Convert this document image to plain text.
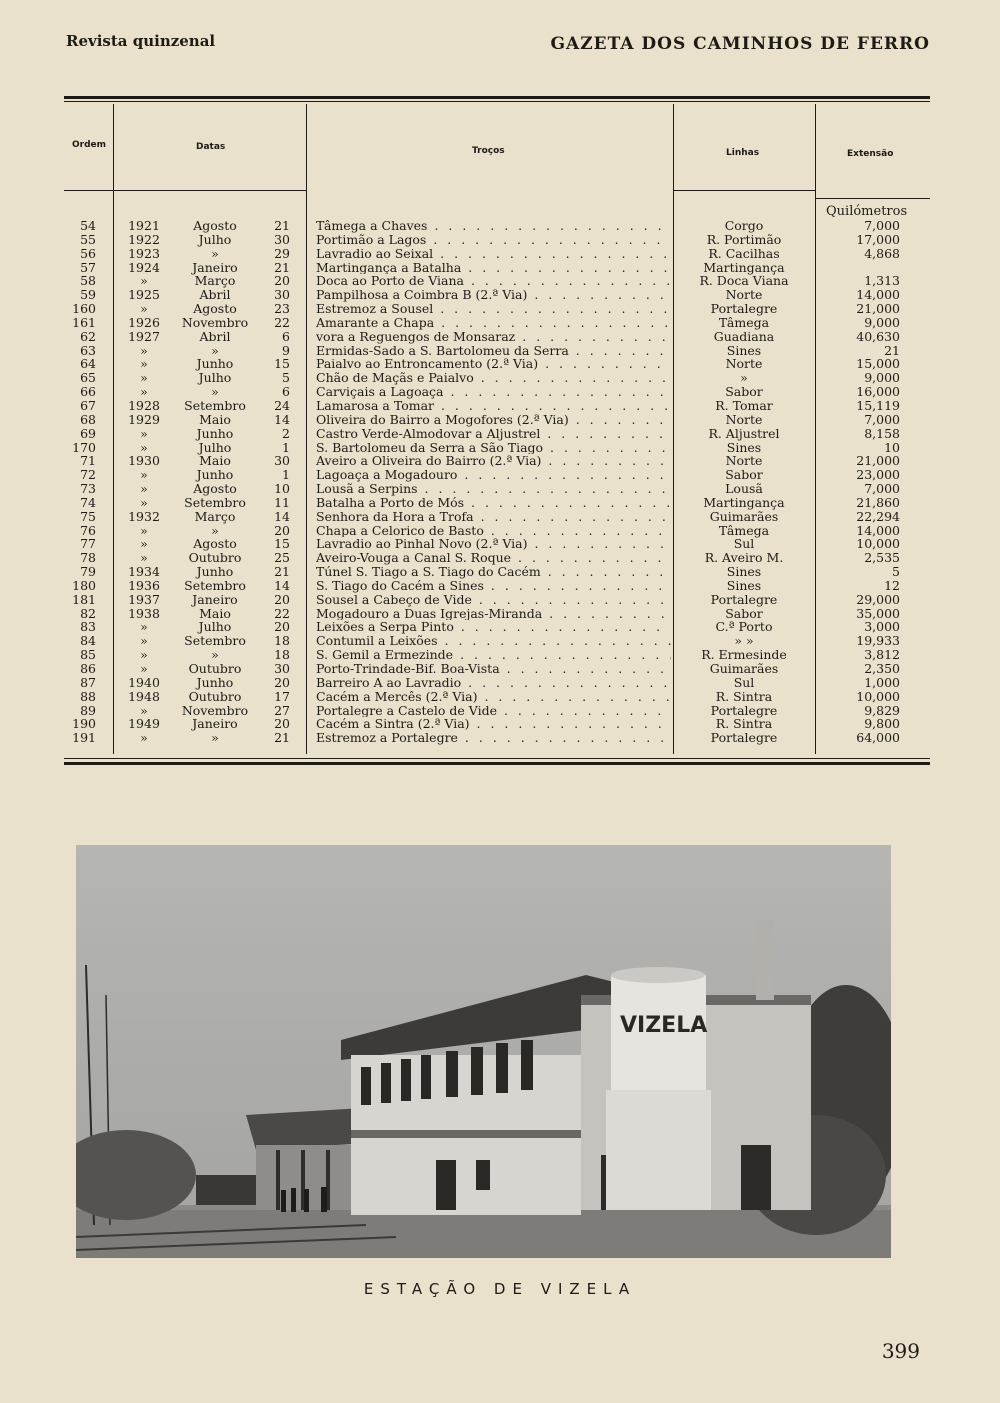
Revista quinzenal	GAZETA DOS CAMINHOS DE FERRO
Ordem	Datas	Troços	Linhas	Extensão
Quilómetros
54	1921	Agosto	21 Tâmega a Chaves . . .	Corgo	7,000
55	1922	Julho	30 Portimão a Lagos . . .	R. Portimão	17,000
56	1923	»	29 Lavradio ao Seixal . . .	R. Cacilhas	4,868
57	1924	Janeiro	21 Martingança a Batalha . . .	Martingança
58	»	Março	20 Doca ao Porto de Viana . . .	R. Doca Viana	1,313
59	1925	Abril	30 Pampilhosa a Coimbra B (2.ª Via) . . .	Norte	14,000
160	»	Agosto	23 Estremoz a Sousel . . .	Portalegre	21,000
161	1926	Novembro	22 Amarante a Chapa . . .	Tâmega	9,000
62	1927	Abril	6 vora a Reguengos de Monsaraz . . .	Guadiana	40,630
63	»	»	9 Ermidas-Sado a S. Bartolomeu da Serra . . .	Sines	21
64	»	Junho	15 Paialvo ao Entroncamento (2.ª Via) . . .	Norte	15,000
65	»	Julho	5 Chão de Maçãs e Paialvo . . .	»	9,000
66	»	»	6 Carviçais a Lagoaça . . .	Sabor	16,000
67	1928	Setembro	24 Lamarosa a Tomar . . .	R. Tomar	15,119
68	1929	Maio	14 Oliveira do Bairro a Mogofores (2.ª Via) . . .	Norte	7,000
69	»	Junho	2 Castro Verde-Almodovar a Aljustrel . . .	R. Aljustrel	8,158
170	»	Julho	1 S. Bartolomeu da Serra a São Tiago . . .	Sines	10
71	1930	Maio	30 Aveiro a Oliveira do Bairro (2.ª Via) . . .	Norte	21,000
72	»	Junho	1 Lagoaça a Mogadouro . . .	Sabor	23,000
73	»	Agosto	10 Lousã a Serpins . . .	Lousã	7,000
74	»	Setembro	11 Batalha a Porto de Mós . . .	Martingança	21,860
75	1932	Março	14 Senhora da Hora a Trofa . . .	Guimarães	22,294
76	»	»	20 Chapa a Celorico de Basto . . .	Tâmega	14,000
77	»	Agosto	15 Lavradio ao Pinhal Novo (2.ª Via) . . .	Sul	10,000
78	»	Outubro	25 Aveiro-Vouga a Canal S. Roque . . .	R. Aveiro M.	2,535
79	1934	Junho	21 Túnel S. Tiago a S. Tiago do Cacém . . .	Sines	5
180	1936	Setembro	14 S. Tiago do Cacém a Sines . . .	Sines	12
181	1937	Janeiro	20 Sousel a Cabeço de Vide . . .	Portalegre	29,000
82	1938	Maio	22 Mogadouro a Duas Igrejas-Miranda . . .	Sabor	35,000
83	»	Julho	20 Leixões a Serpa Pinto . . .	C.ª Porto	3,000
84	»	Setembro	18 Contumil a Leixões . . .	» »	19,933
85	»	»	18 S. Gemil a Ermezinde . . .	R. Ermesinde	3,812
86	»	Outubro	30 Porto-Trindade-Bif. Boa-Vista . . .	Guimarães	2,350
87	1940	Junho	20 Barreiro A ao Lavradio . . .	Sul	1,000
88	1948	Outubro	17 Cacém a Mercês (2.ª Via) . . .	R. Sintra	10,000
89	»	Novembro	27 Portalegre a Castelo de Vide . . .	Portalegre	9,829
190	1949	Janeiro	20 Cacém a Sintra (2.ª Via) . . .	R. Sintra	9,800
191	»	»	21 Estremoz a Portalegre . . .	Portalegre	64,000
VIZELA
ESTAÇÃO DE VIZELA
399
